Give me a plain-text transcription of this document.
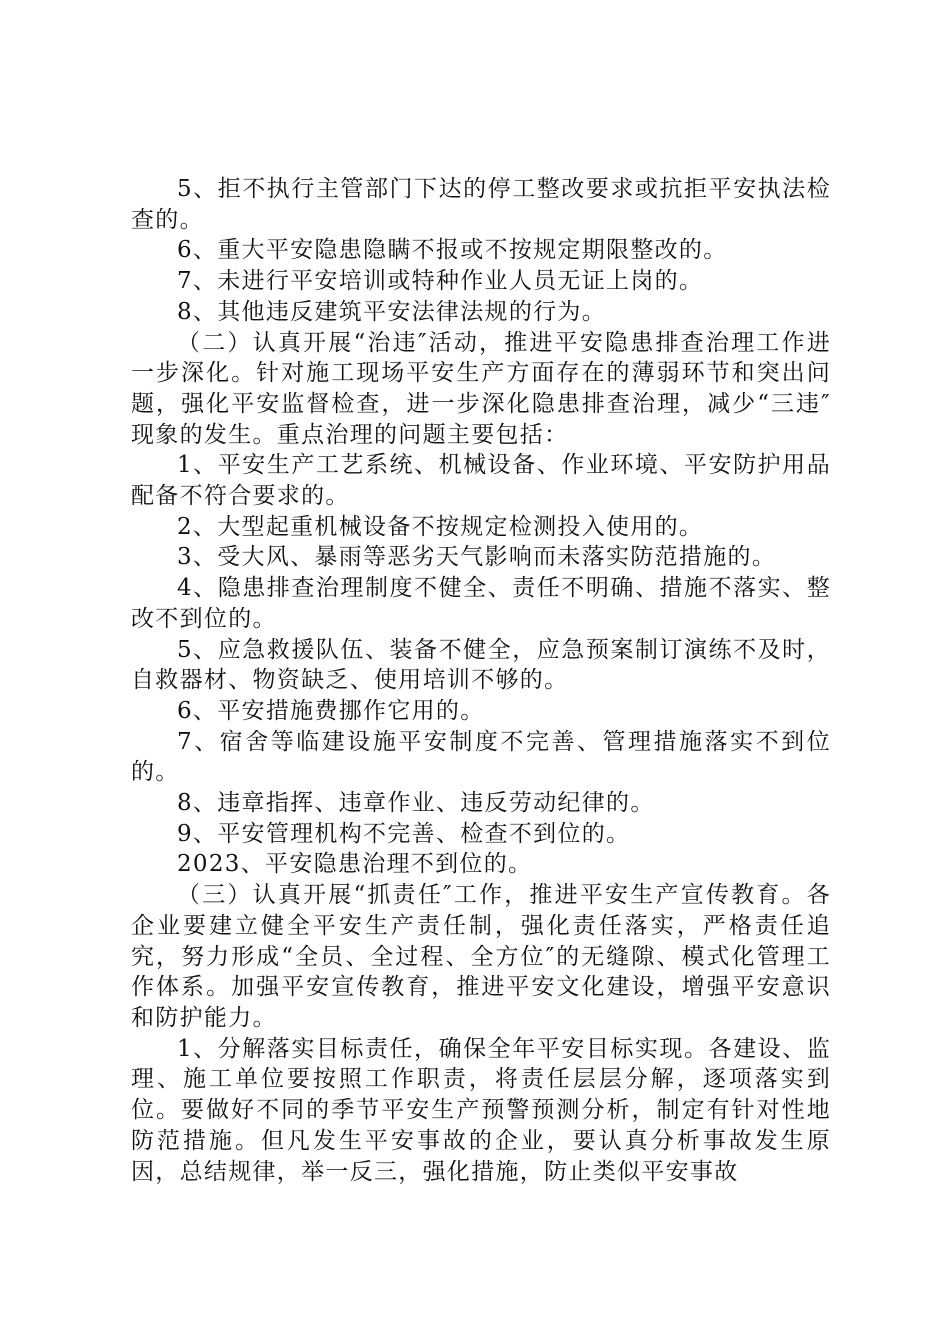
5、拒不执行主管部门下达的停工整改要求或抗拒平安执法检查的。

6、重大平安隐患隐瞒不报或不按规定期限整改的。

7、未进行平安培训或特种作业人员无证上岗的。

8、其他违反建筑平安法律法规的行为。

（二）认真开展“治违″活动，推进平安隐患排查治理工作进一步深化。针对施工现场平安生产方面存在的薄弱环节和突出问题，强化平安监督检查，进一步深化隐患排查治理，减少“三违″现象的发生。重点治理的问题主要包括：

1、平安生产工艺系统、机械设备、作业环境、平安防护用品配备不符合要求的。

2、大型起重机械设备不按规定检测投入使用的。

3、受大风、暴雨等恶劣天气影响而未落实防范措施的。

4、隐患排查治理制度不健全、责任不明确、措施不落实、整改不到位的。

5、应急救援队伍、装备不健全，应急预案制订演练不及时，自救器材、物资缺乏、使用培训不够的。

6、平安措施费挪作它用的。

7、宿舍等临建设施平安制度不完善、管理措施落实不到位的。

8、违章指挥、违章作业、违反劳动纪律的。

9、平安管理机构不完善、检查不到位的。

2023、平安隐患治理不到位的。

（三）认真开展“抓责任″工作，推进平安生产宣传教育。各企业要建立健全平安生产责任制，强化责任落实，严格责任追究，努力形成“全员、全过程、全方位″的无缝隙、模式化管理工作体系。加强平安宣传教育，推进平安文化建设，增强平安意识和防护能力。

1、分解落实目标责任，确保全年平安目标实现。各建设、监理、施工单位要按照工作职责，将责任层层分解，逐项落实到位。要做好不同的季节平安生产预警预测分析，制定有针对性地防范措施。但凡发生平安事故的企业，要认真分析事故发生原因，总结规律，举一反三，强化措施，防止类似平安事故
